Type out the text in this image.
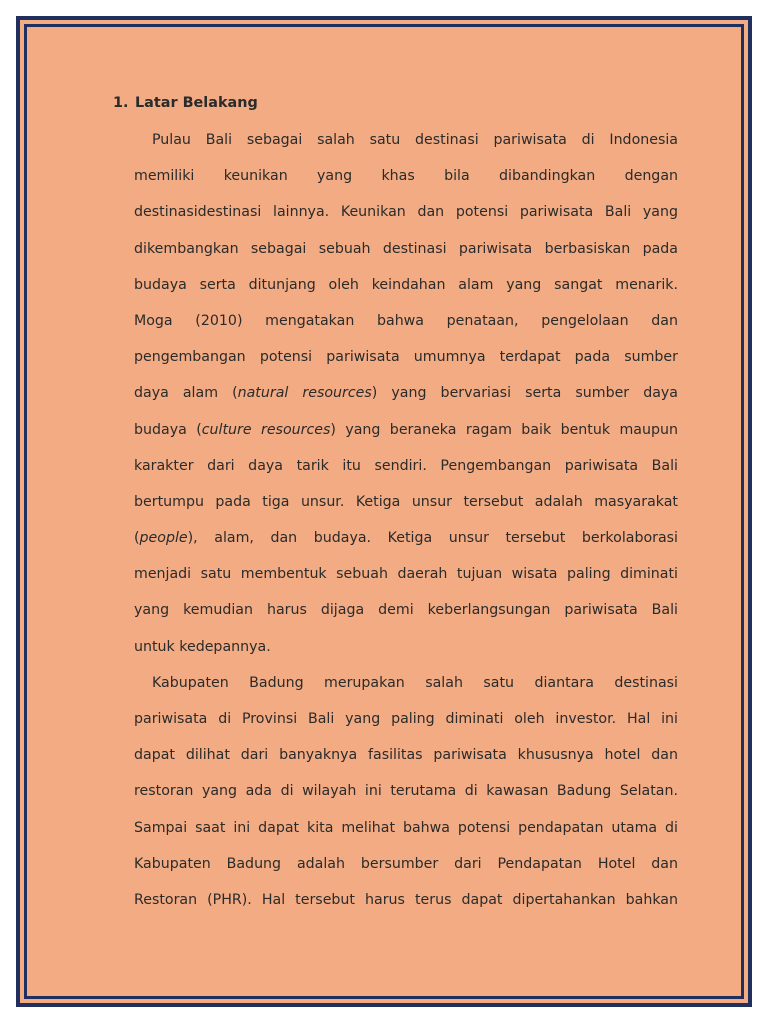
1. Latar Belakang
Pulau Bali sebagai salah satu destinasi pariwisata di Indonesia
memiliki keunikan yang khas bila dibandingkan dengan
destinasidestinasi lainnya. Keunikan dan potensi pariwisata Bali yang
dikembangkan sebagai sebuah destinasi pariwisata berbasiskan pada
budaya serta ditunjang oleh keindahan alam yang sangat menarik.
Moga (2010) mengatakan bahwa penataan, pengelolaan dan
pengembangan potensi pariwisata umumnya terdapat pada sumber
daya alam (natural resources) yang bervariasi serta sumber daya
budaya (culture resources) yang beraneka ragam baik bentuk maupun
karakter dari daya tarik itu sendiri. Pengembangan pariwisata Bali
bertumpu pada tiga unsur. Ketiga unsur tersebut adalah masyarakat
(people), alam, dan budaya. Ketiga unsur tersebut berkolaborasi
menjadi satu membentuk sebuah daerah tujuan wisata paling diminati
yang kemudian harus dijaga demi keberlangsungan pariwisata Bali
untuk kedepannya.
Kabupaten Badung merupakan salah satu diantara destinasi
pariwisata di Provinsi Bali yang paling diminati oleh investor. Hal ini
dapat dilihat dari banyaknya fasilitas pariwisata khususnya hotel dan
restoran yang ada di wilayah ini terutama di kawasan Badung Selatan.
Sampai saat ini dapat kita melihat bahwa potensi pendapatan utama di
Kabupaten Badung adalah bersumber dari Pendapatan Hotel dan
Restoran (PHR). Hal tersebut harus terus dapat dipertahankan bahkan
